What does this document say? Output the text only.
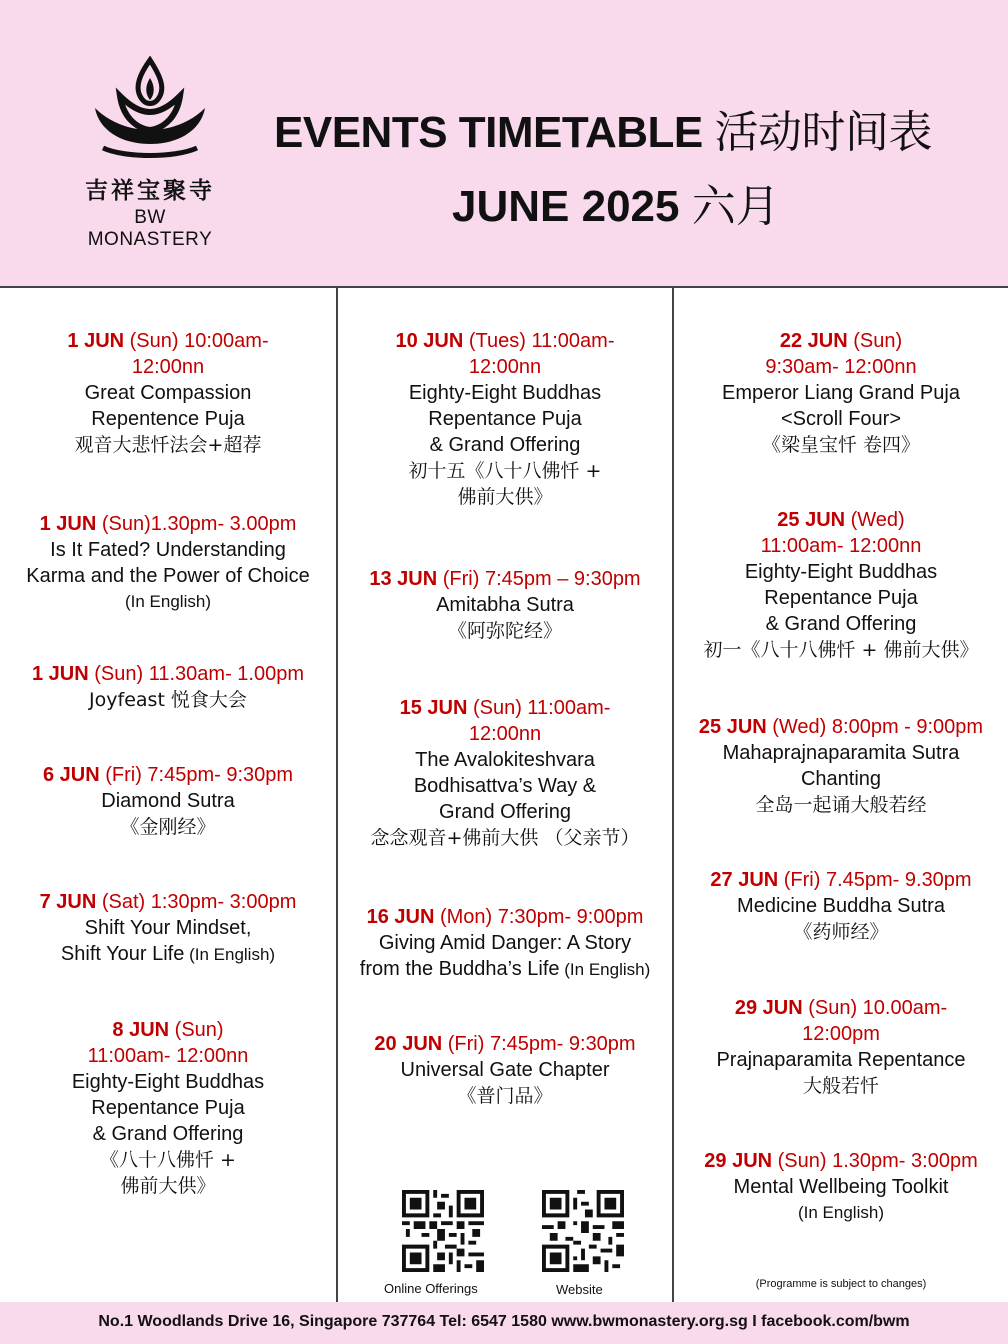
吉祥宝聚寺
BW MONASTERY
EVENTS TIMETABLE 活动时间表
JUNE 2025 六月
1 JUN (Sun) 10:00am-
12:00nn
Great Compassion
Repentence Puja
观音大悲忏法会+超荐
1 JUN (Sun)1.30pm- 3.00pm
Is It Fated? Understanding
Karma and the Power of Choice
(In English)
1 JUN (Sun) 11.30am- 1.00pm
Joyfeast 悦食大会
6 JUN (Fri) 7:45pm- 9:30pm
Diamond Sutra
《金刚经》
7 JUN (Sat) 1:30pm- 3:00pm
Shift Your Mindset,
Shift Your Life (In English)
8 JUN (Sun)
11:00am- 12:00nn
Eighty-Eight Buddhas
Repentance Puja
& Grand Offering
《八十八佛忏 +
佛前大供》
10 JUN (Tues) 11:00am-
12:00nn
Eighty-Eight Buddhas
Repentance Puja
& Grand Offering
初十五《八十八佛忏 +
佛前大供》
13 JUN (Fri) 7:45pm – 9:30pm
Amitabha Sutra
《阿弥陀经》
15 JUN (Sun) 11:00am-
12:00nn
The Avalokiteshvara
Bodhisattva’s Way &
Grand Offering
念念观音+佛前大供 （父亲节）
16 JUN (Mon) 7:30pm- 9:00pm
Giving Amid Danger: A Story
from the Buddha’s Life (In English)
20 JUN (Fri) 7:45pm- 9:30pm
Universal Gate Chapter
《普门品》
Online Offerings	Website
22 JUN (Sun)
9:30am- 12:00nn
Emperor Liang Grand Puja
<Scroll Four>
《梁皇宝忏 卷四》
25 JUN (Wed)
11:00am- 12:00nn
Eighty-Eight Buddhas
Repentance Puja
& Grand Offering
初一《八十八佛忏 + 佛前大供》
25 JUN (Wed) 8:00pm - 9:00pm
Mahaprajnaparamita Sutra
Chanting
全岛一起诵大般若经
27 JUN (Fri) 7.45pm- 9.30pm
Medicine Buddha Sutra
《药师经》
29 JUN (Sun) 10.00am-
12:00pm
Prajnaparamita Repentance
大般若忏
29 JUN (Sun) 1.30pm- 3:00pm
Mental Wellbeing Toolkit
(In English)
(Programme is subject to changes)
No.1 Woodlands Drive 16, Singapore 737764 Tel: 6547 1580 www.bwmonastery.org.sg I facebook.com/bwm
